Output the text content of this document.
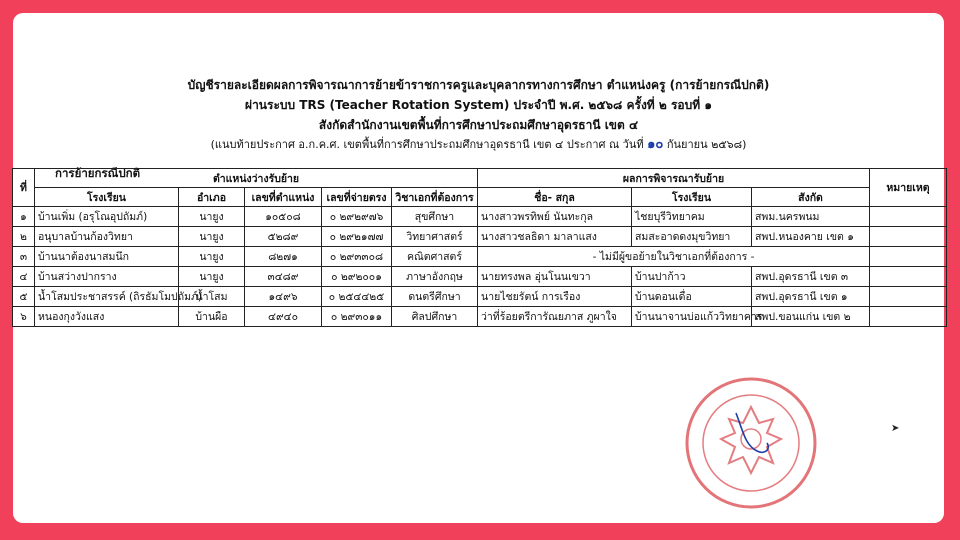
บัญชีรายละเอียดผลการพิจารณาการย้ายข้าราชการครูและบุคลากรทางการศึกษา ตำแหน่งครู (การย้ายกรณีปกติ)
ผ่านระบบ TRS (Teacher Rotation System) ประจำปี พ.ศ. ๒๕๖๘ ครั้งที่ ๒ รอบที่ ๑
สังกัดสำนักงานเขตพื้นที่การศึกษาประถมศึกษาอุดรธานี เขต ๔
(แนบท้ายประกาศ อ.ก.ค.ศ. เขตพื้นที่การศึกษาประถมศึกษาอุดรธานี เขต ๔ ประกาศ ณ วันที่ ๑๐ กันยายน ๒๕๖๘)
การย้ายกรณีปกติ
➤
ที่	ตำแหน่งว่างรับย้าย					ผลการพิจารณารับย้าย			หมายเหตุ
	โรงเรียน	อำเภอ	เลขที่ตำแหน่ง	เลขที่จ่ายตรง	วิชาเอกที่ต้องการ	ชื่อ- สกุล	โรงเรียน	สังกัด	
๑	บ้านเพิ่ม (อรุโณอุปถัมภ์)	นายูง	๑๐๕๐๘	๐ ๒๙๒๙๗๖	สุขศึกษา	นางสาวพรทิพย์ นันทะกุล	ไชยบุรีวิทยาคม	สพม.นครพนม	
๒	อนุบาลบ้านก้องวิทยา	นายูง	๕๒๘๙	๐ ๒๙๒๑๗๗	วิทยาศาสตร์	นางสาวชลธิดา มาลาแสง	สมสะอาดดงมุขวิทยา	สพป.หนองคาย เขต ๑	
๓	บ้านนาต้องนาสมนึก	นายูง	๘๒๗๑	๐ ๒๙๓๓๐๘	คณิตศาสตร์	- ไม่มีผู้ขอย้ายในวิชาเอกที่ต้องการ -			
๔	บ้านสว่างปากราง	นายูง	๓๔๘๙	๐ ๒๙๒๐๐๑	ภาษาอังกฤษ	นายทรงพล อุ่นโนนเขวา	บ้านปาก้าว	สพป.อุดรธานี เขต ๓	
๕	น้ำโสมประชาสรรค์ (ถิรธัมโมปถัมภ์)	น้ำโสม	๑๔๙๖	๐ ๒๕๔๔๒๕	ดนตรีศึกษา	นายไชยรัตน์ การเรือง	บ้านดอนเดื่อ	สพป.อุดรธานี เขต ๑	
๖	หนองกุงวังแสง	บ้านผือ	๔๙๔๐	๐ ๒๙๓๐๑๑	ศิลปศึกษา	ว่าที่ร้อยตรีการัณยภาส ภูผาใจ	บ้านนาจานบ่อแก้ววิทยาคาร	สพป.ขอนแก่น เขต ๒	
